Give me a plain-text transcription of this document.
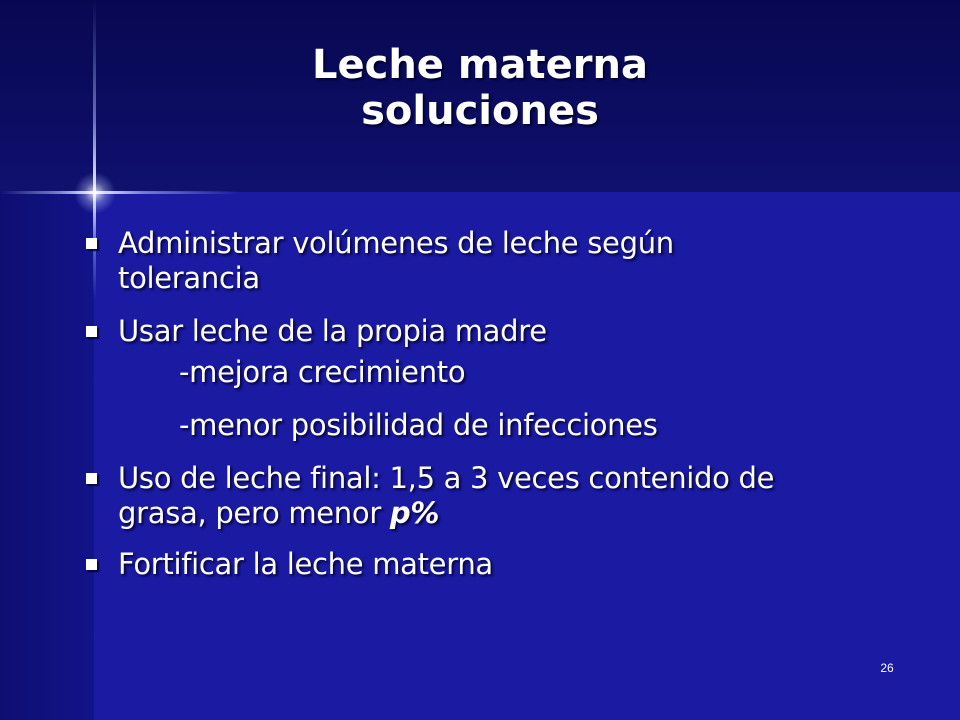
Leche materna
soluciones
Administrar volúmenes de leche según
tolerancia
Usar leche de la propia madre
-mejora crecimiento
-menor posibilidad de infecciones
Uso de leche final: 1,5 a 3 veces contenido de
grasa, pero menor p%
Fortificar la leche materna
26
